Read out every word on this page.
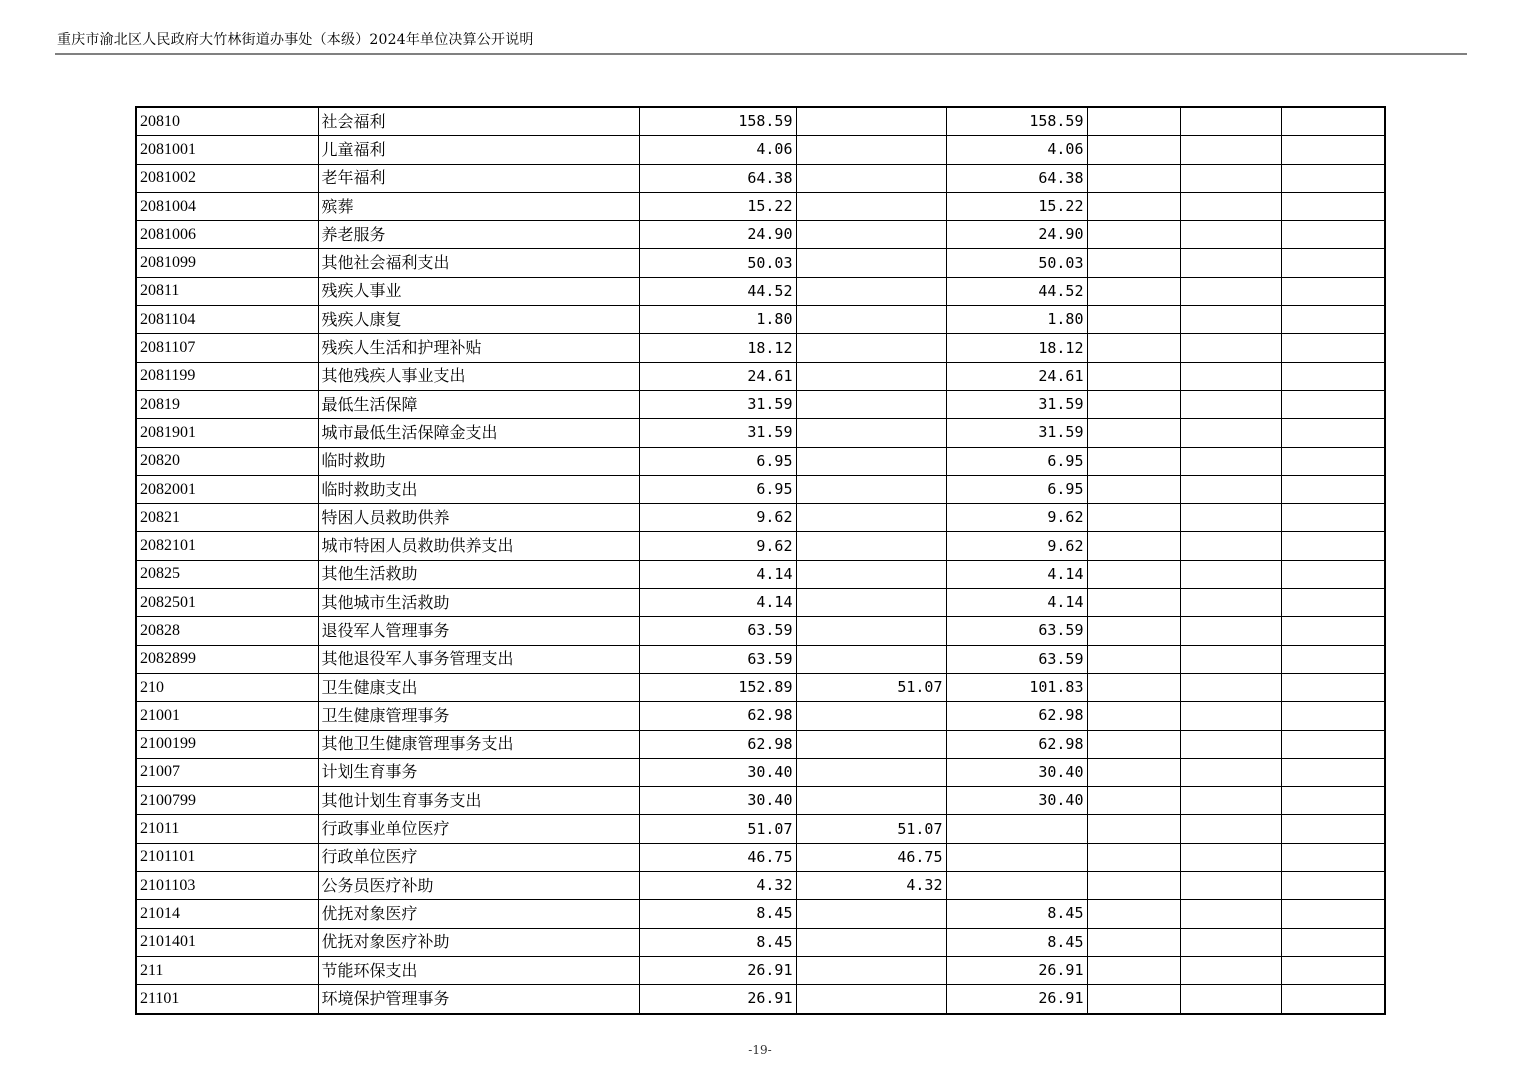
重庆市渝北区人民政府大竹林街道办事处（本级）2024年单位决算公开说明
20810	社会福利	158.59		158.59			
2081001	儿童福利	4.06		4.06			
2081002	老年福利	64.38		64.38			
2081004	殡葬	15.22		15.22			
2081006	养老服务	24.90		24.90			
2081099	其他社会福利支出	50.03		50.03			
20811	残疾人事业	44.52		44.52			
2081104	残疾人康复	1.80		1.80			
2081107	残疾人生活和护理补贴	18.12		18.12			
2081199	其他残疾人事业支出	24.61		24.61			
20819	最低生活保障	31.59		31.59			
2081901	城市最低生活保障金支出	31.59		31.59			
20820	临时救助	6.95		6.95			
2082001	临时救助支出	6.95		6.95			
20821	特困人员救助供养	9.62		9.62			
2082101	城市特困人员救助供养支出	9.62		9.62			
20825	其他生活救助	4.14		4.14			
2082501	其他城市生活救助	4.14		4.14			
20828	退役军人管理事务	63.59		63.59			
2082899	其他退役军人事务管理支出	63.59		63.59			
210	卫生健康支出	152.89	51.07	101.83			
21001	卫生健康管理事务	62.98		62.98			
2100199	其他卫生健康管理事务支出	62.98		62.98			
21007	计划生育事务	30.40		30.40			
2100799	其他计划生育事务支出	30.40		30.40			
21011	行政事业单位医疗	51.07	51.07				
2101101	行政单位医疗	46.75	46.75				
2101103	公务员医疗补助	4.32	4.32				
21014	优抚对象医疗	8.45		8.45			
2101401	优抚对象医疗补助	8.45		8.45			
211	节能环保支出	26.91		26.91			
21101	环境保护管理事务	26.91		26.91			
-19-
